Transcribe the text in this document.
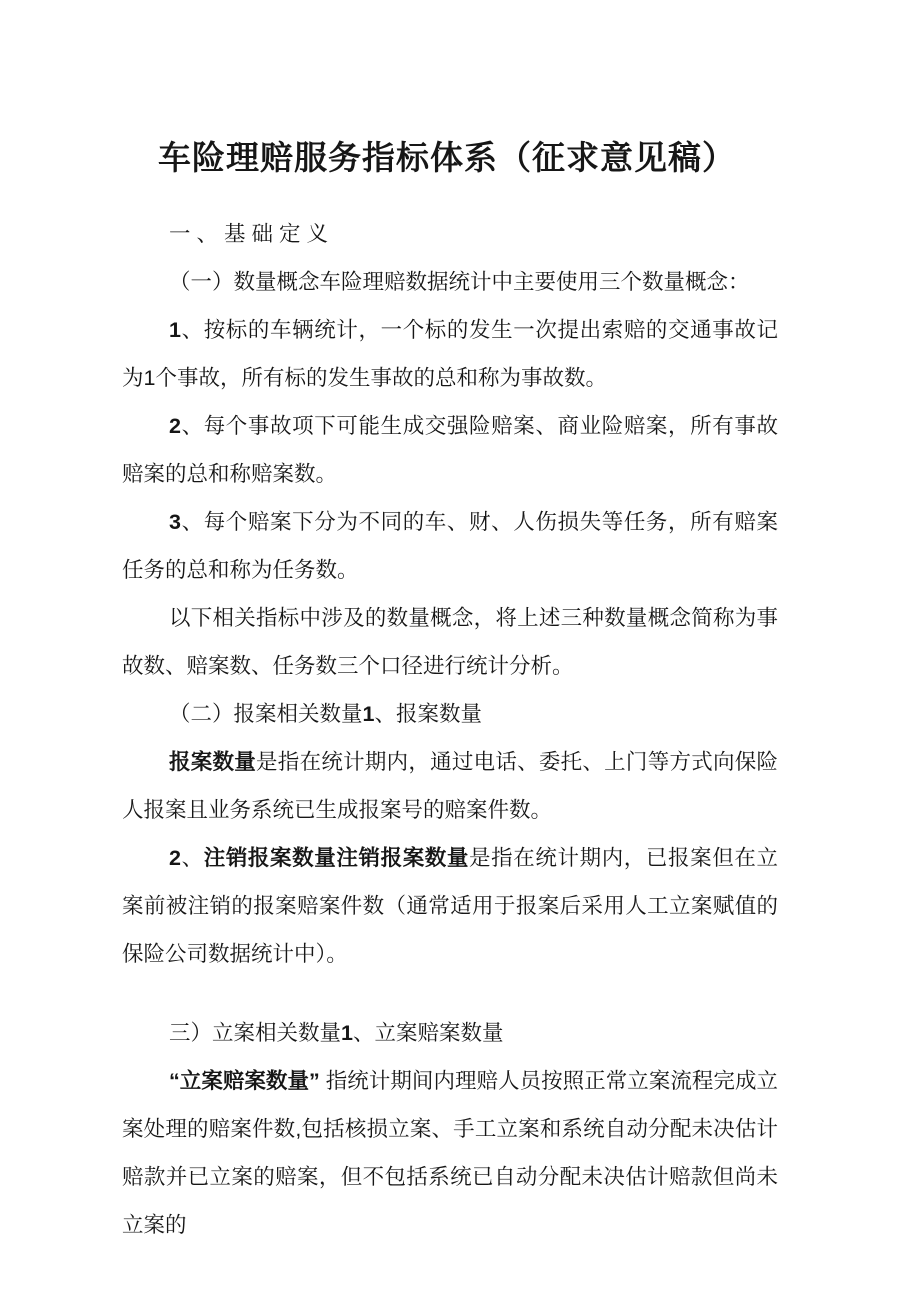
车险理赔服务指标体系（征求意见稿）

一、基础定义

（一）数量概念车险理赔数据统计中主要使用三个数量概念：

1、按标的车辆统计，一个标的发生一次提出索赔的交通事故记为1个事故，所有标的发生事故的总和称为事故数。

2、每个事故项下可能生成交强险赔案、商业险赔案，所有事故赔案的总和称赔案数。

3、每个赔案下分为不同的车、财、人伤损失等任务，所有赔案任务的总和称为任务数。

以下相关指标中涉及的数量概念，将上述三种数量概念简称为事故数、赔案数、任务数三个口径进行统计分析。

（二）报案相关数量1、报案数量

报案数量是指在统计期内，通过电话、委托、上门等方式向保险人报案且业务系统已生成报案号的赔案件数。

2、注销报案数量注销报案数量是指在统计期内，已报案但在立案前被注销的报案赔案件数（通常适用于报案后采用人工立案赋值的保险公司数据统计中）。

三）立案相关数量1、立案赔案数量

“立案赔案数量” 指统计期间内理赔人员按照正常立案流程完成立案处理的赔案件数,包括核损立案、手工立案和系统自动分配未决估计赔款并已立案的赔案，但不包括系统已自动分配未决估计赔款但尚未立案的
